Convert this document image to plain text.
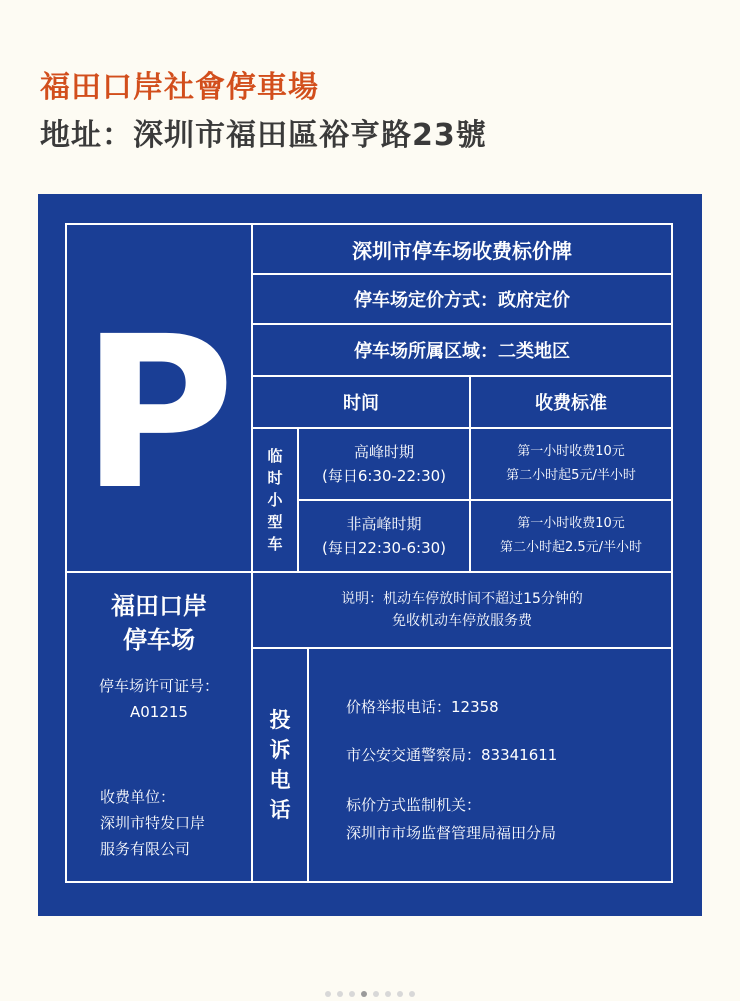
福田口岸社會停車場
地址：深圳市福田區裕亨路23號
P
深圳市停车场收费标价牌
停车场定价方式：政府定价
停车场所属区域：二类地区
时间	收费标准
临
时
小
型
车
高峰时期
(每日6:30-22:30)
第一小时收费10元
第二小时起5元/半小时
非高峰时期
(每日22:30-6:30)
第一小时收费10元
第二小时起2.5元/半小时
说明：机动车停放时间不超过15分钟的
免收机动车停放服务费
福田口岸
停车场
停车场许可证号：
A01215
收费单位：
深圳市特发口岸
服务有限公司
投
诉
电
话
价格举报电话：12358
市公安交通警察局：83341611
标价方式监制机关：
深圳市市场监督管理局福田分局
